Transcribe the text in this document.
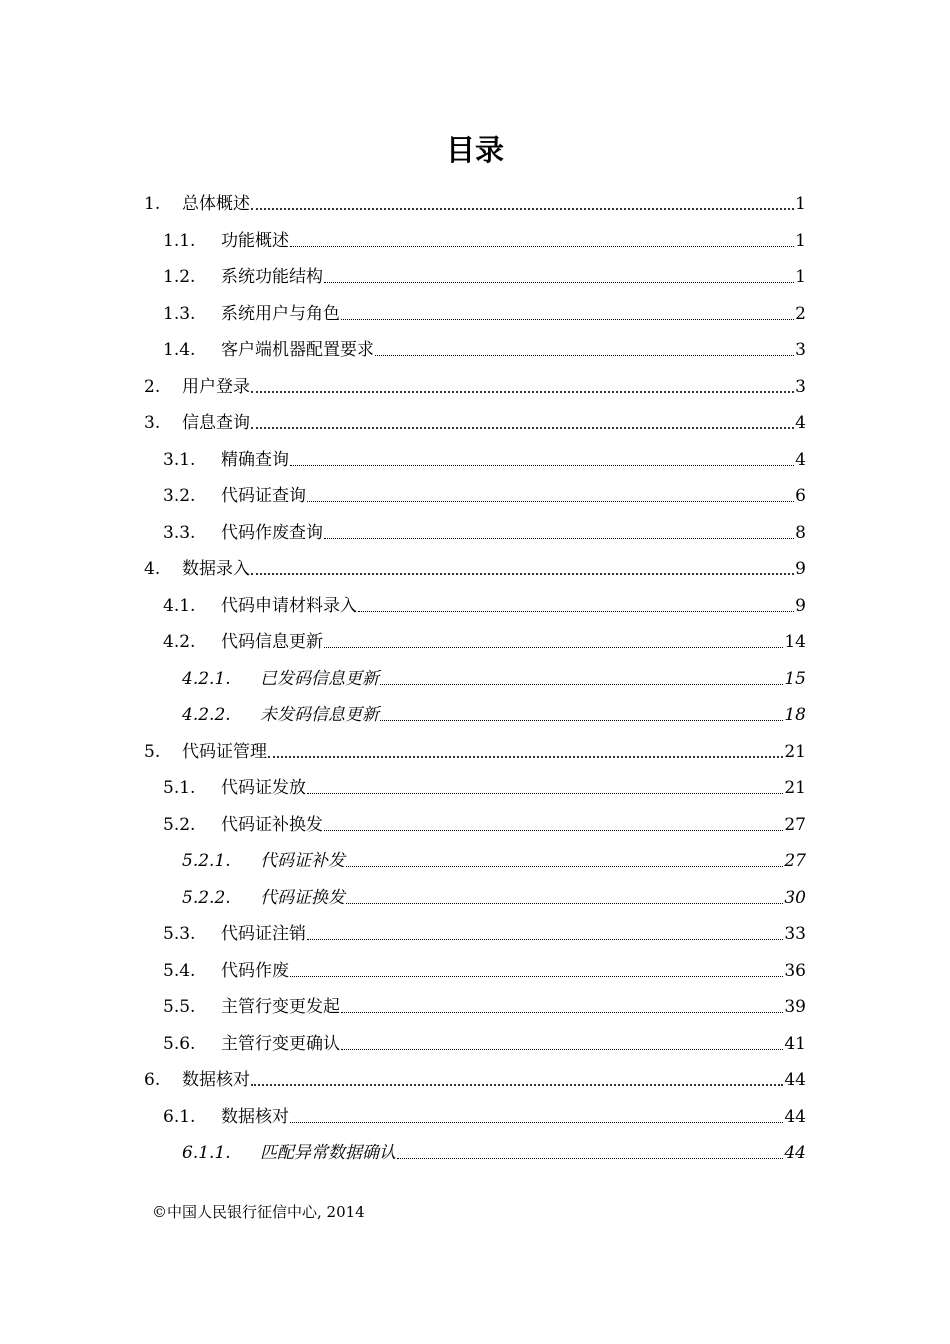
目录
1.	总体概述	1
1.1.	功能概述	1
1.2.	系统功能结构	1
1.3.	系统用户与角色	2
1.4.	客户端机器配置要求	3
2.	用户登录	3
3.	信息查询	4
3.1.	精确查询	4
3.2.	代码证查询	6
3.3.	代码作废查询	8
4.	数据录入	9
4.1.	代码申请材料录入	9
4.2.	代码信息更新	14
4.2.1.	已发码信息更新	15
4.2.2.	未发码信息更新	18
5.	代码证管理	21
5.1.	代码证发放	21
5.2.	代码证补换发	27
5.2.1.	代码证补发	27
5.2.2.	代码证换发	30
5.3.	代码证注销	33
5.4.	代码作废	36
5.5.	主管行变更发起	39
5.6.	主管行变更确认	41
6.	数据核对	44
6.1.	数据核对	44
6.1.1.	匹配异常数据确认	44
©中国人民银行征信中心, 2014
